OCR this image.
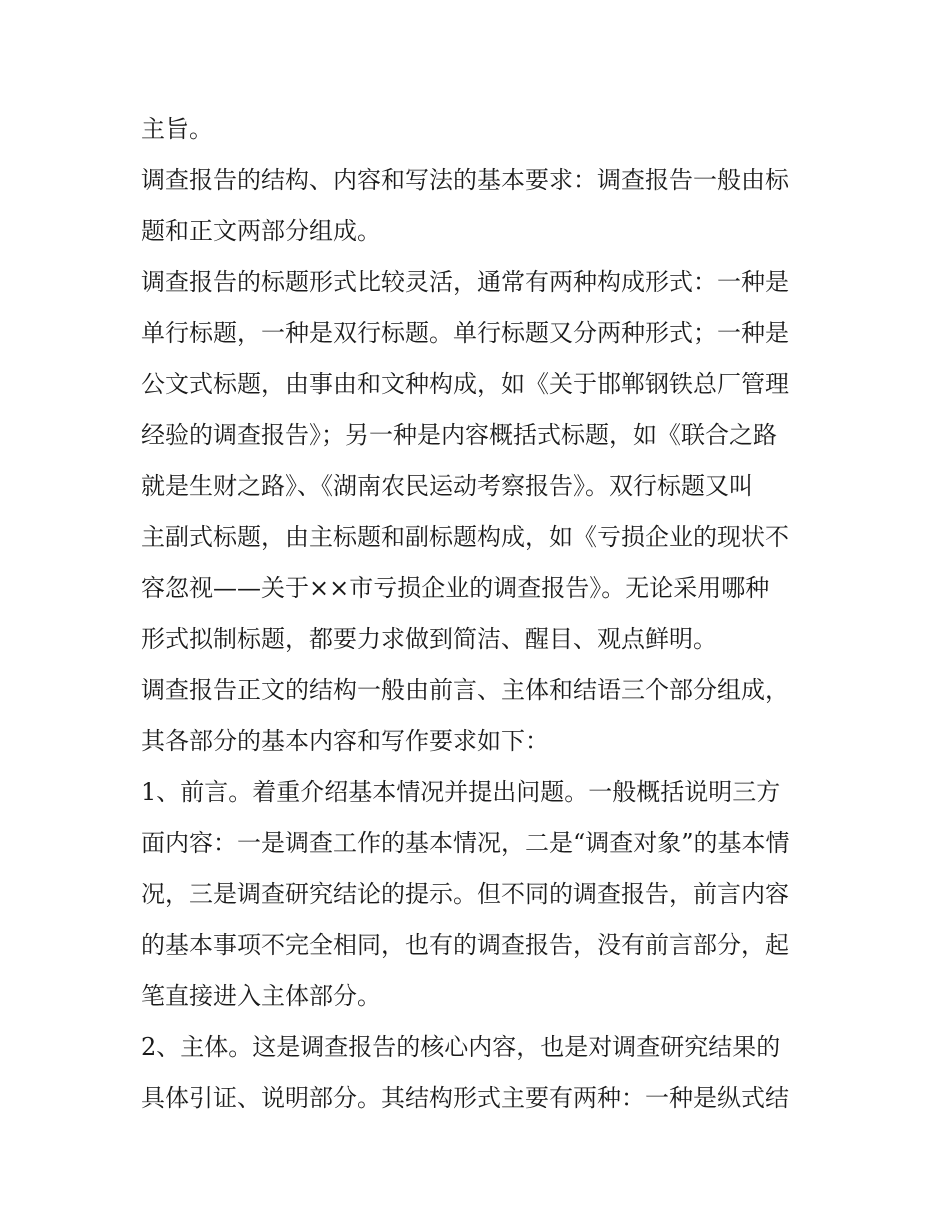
主旨。
调查报告的结构、内容和写法的基本要求：调查报告一般由标
题和正文两部分组成。
调查报告的标题形式比较灵活，通常有两种构成形式：一种是
单行标题，一种是双行标题。单行标题又分两种形式；一种是
公文式标题，由事由和文种构成，如《关于邯郸钢铁总厂管理
经验的调查报告》；另一种是内容概括式标题，如《联合之路
就是生财之路》、《湖南农民运动考察报告》。双行标题又叫
主副式标题，由主标题和副标题构成，如《亏损企业的现状不
容忽视——关于××市亏损企业的调查报告》。无论采用哪种
形式拟制标题，都要力求做到简洁、醒目、观点鲜明。
调查报告正文的结构一般由前言、主体和结语三个部分组成，
其各部分的基本内容和写作要求如下：
1、前言。着重介绍基本情况并提出问题。一般概括说明三方
面内容：一是调查工作的基本情况，二是“调查对象”的基本情
况，三是调查研究结论的提示。但不同的调查报告，前言内容
的基本事项不完全相同，也有的调查报告，没有前言部分，起
笔直接进入主体部分。
2、主体。这是调查报告的核心内容，也是对调查研究结果的
具体引证、说明部分。其结构形式主要有两种：一种是纵式结
